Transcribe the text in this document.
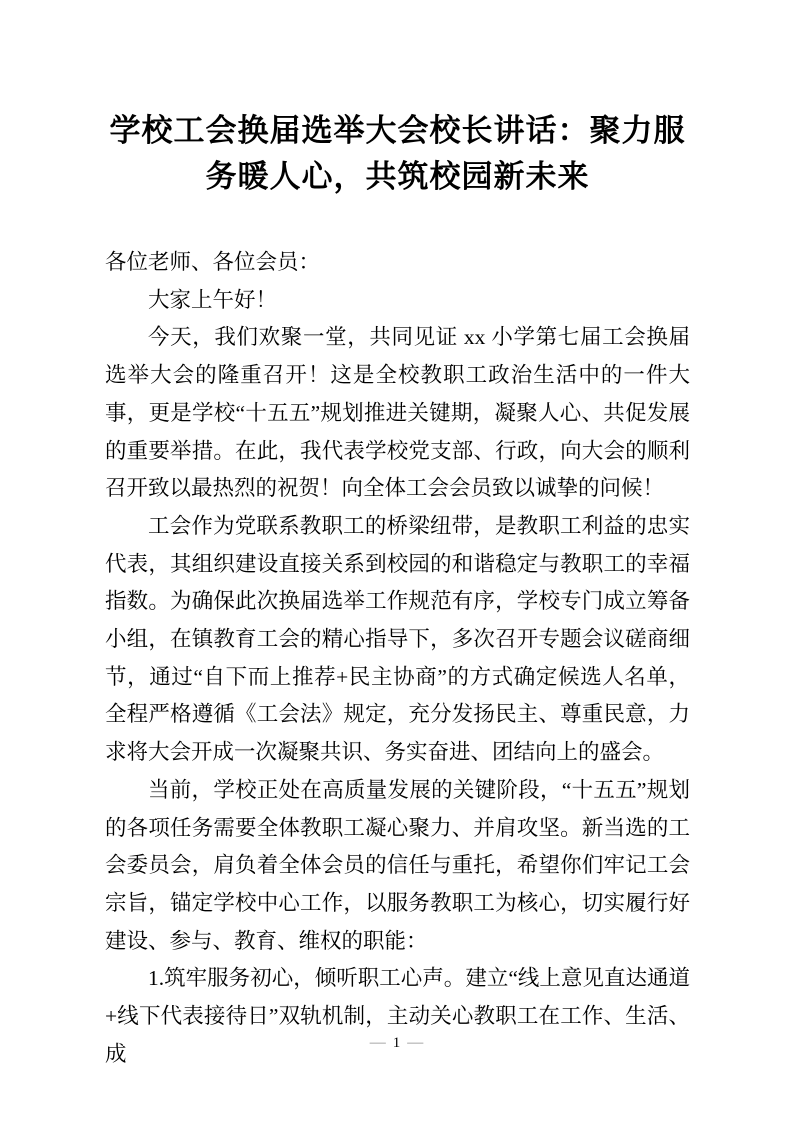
学校工会换届选举大会校长讲话：聚力服务暖人心，共筑校园新未来

各位老师、各位会员：

大家上午好！

今天，我们欢聚一堂，共同见证 xx 小学第七届工会换届选举大会的隆重召开！这是全校教职工政治生活中的一件大事，更是学校“十五五”规划推进关键期，凝聚人心、共促发展的重要举措。在此，我代表学校党支部、行政，向大会的顺利召开致以最热烈的祝贺！向全体工会会员致以诚挚的问候！

工会作为党联系教职工的桥梁纽带，是教职工利益的忠实代表，其组织建设直接关系到校园的和谐稳定与教职工的幸福指数。为确保此次换届选举工作规范有序，学校专门成立筹备小组，在镇教育工会的精心指导下，多次召开专题会议磋商细节，通过“自下而上推荐+民主协商”的方式确定候选人名单，全程严格遵循《工会法》规定，充分发扬民主、尊重民意，力求将大会开成一次凝聚共识、务实奋进、团结向上的盛会。

当前，学校正处在高质量发展的关键阶段，“十五五”规划的各项任务需要全体教职工凝心聚力、并肩攻坚。新当选的工会委员会，肩负着全体会员的信任与重托，希望你们牢记工会宗旨，锚定学校中心工作，以服务教职工为核心，切实履行好建设、参与、教育、维权的职能：

1.筑牢服务初心，倾听职工心声。建立“线上意见直达通道+线下代表接待日”双轨机制，主动关心教职工在工作、生活、成	— 1 —
